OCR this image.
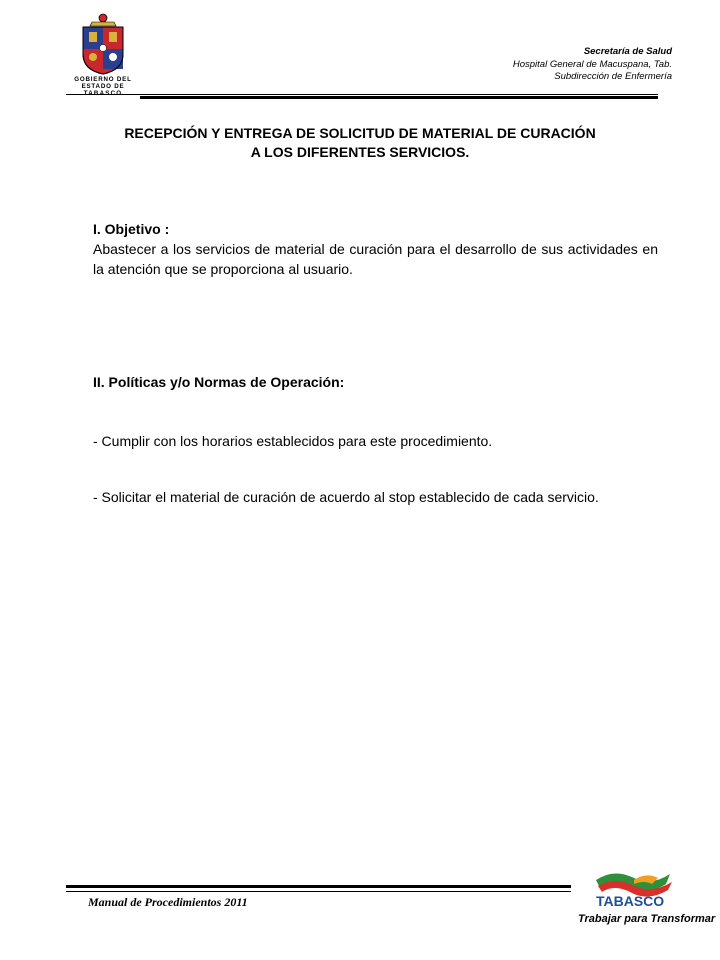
GOBIERNO DEL
ESTADO DE
TABASCO
Secretaría de Salud
Hospital General de Macuspana, Tab.
Subdirección de Enfermería
RECEPCIÓN Y ENTREGA DE SOLICITUD DE MATERIAL DE CURACIÓN
A LOS DIFERENTES SERVICIOS.
I. Objetivo :
Abastecer a los servicios de material de curación para el desarrollo de sus actividades en la atención que se proporciona al usuario.
II. Políticas y/o Normas de Operación:
- Cumplir con los horarios establecidos para este procedimiento.
- Solicitar el material de curación de acuerdo al stop establecido de cada servicio.
Manual de Procedimientos 2011	TABASCO
Trabajar para Transformar
